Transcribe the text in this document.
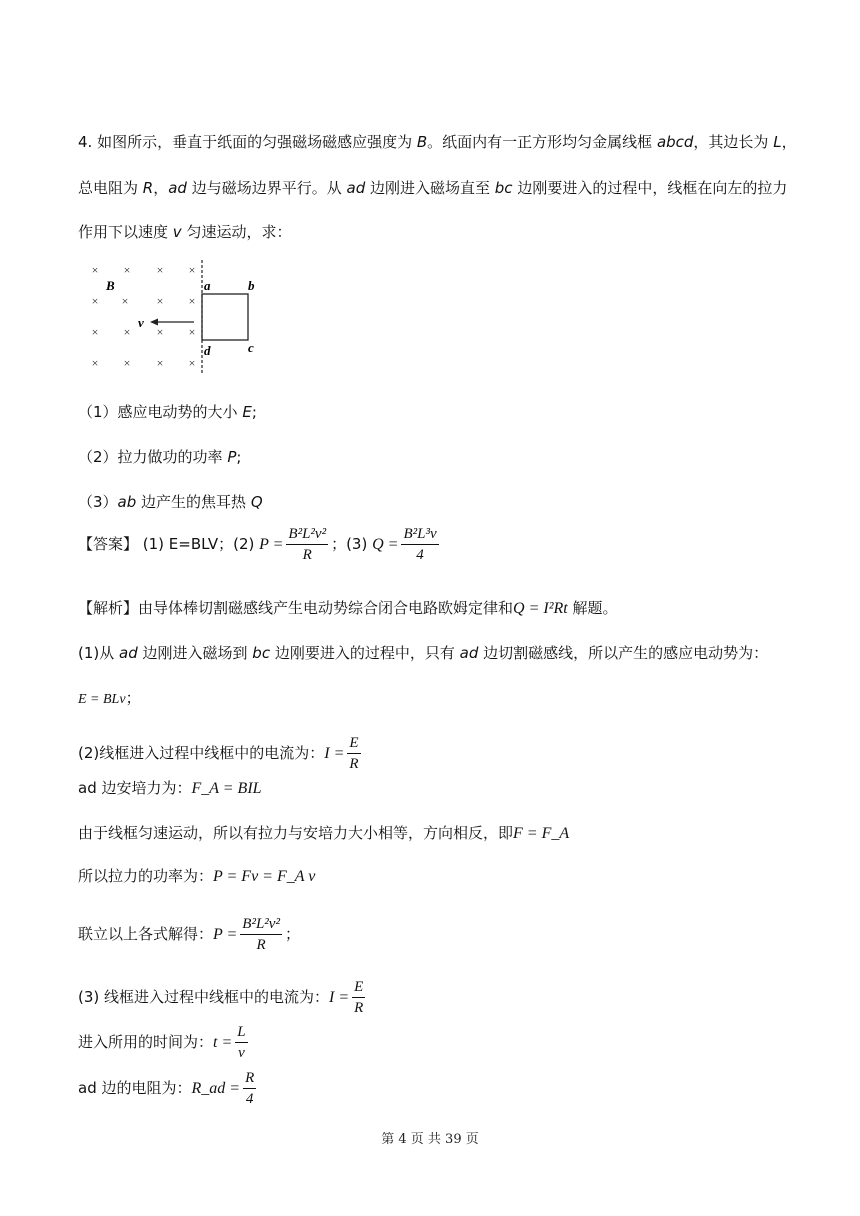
4. 如图所示，垂直于纸面的匀强磁场磁感应强度为 B。纸面内有一正方形均匀金属线框 abcd，其边长为 L，
总电阻为 R，ad 边与磁场边界平行。从 ad 边刚进入磁场直至 bc 边刚要进入的过程中，线框在向左的拉力
作用下以速度 v 匀速运动，求：
× × × ×
×	× ×
× ×	×
× × × ×
×
×
B
v
a	b
d	c
（1）感应电动势的大小 E;
（2）拉力做功的功率 P;
（3）ab 边产生的焦耳热 Q
【答案】 (1) E=BLV；(2) $P = \frac{\text{B²L²v²}}{R}$ ；(3) $Q = \frac{\text{B²L³v}}{4}$
【解析】由导体棒切割磁感线产生电动势综合闭合电路欧姆定律和Q = I²Rt 解题。
(1)从 ad 边刚进入磁场到 bc 边刚要进入的过程中，只有 ad 边切割磁感线，所以产生的感应电动势为：
E = BLv；
(2)线框进入过程中线框中的电流为：$I = \frac{E}{R}$
ad 边安培力为：F_A = BIL
由于线框匀速运动，所以有拉力与安培力大小相等，方向相反，即F = F_A
所以拉力的功率为：P = Fv = F_A v
联立以上各式解得：$P = \frac{\text{B²L²v²}}{R}$ ；
(3) 线框进入过程中线框中的电流为：$I = \frac{E}{R}$
进入所用的时间为：$t = \frac{L}{v}$
ad 边的电阻为：R_ad = $\frac{R}{4}$
第 4 页 共 39 页
